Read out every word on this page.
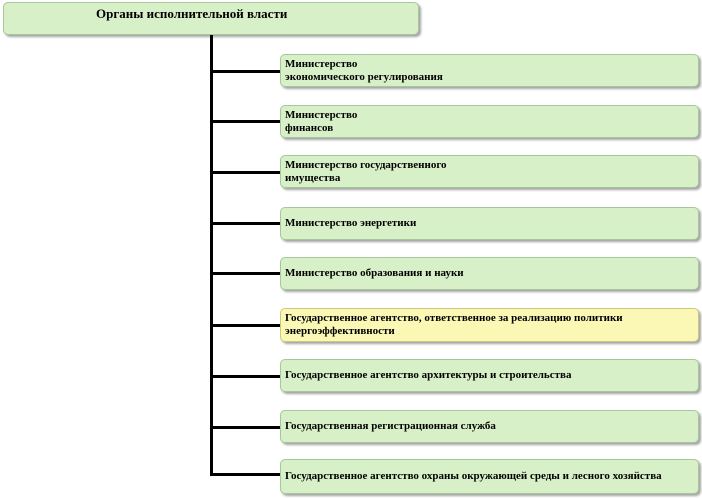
Органы исполнительной власти
Министерство
экономического регулирования
Министерство
финансов
Министерство государственного
имущества
Министерство энергетики
Министерство образования и науки
Государственное агентство, ответственное за реализацию политики энергоэффективности
Государственное агентство архитектуры и строительства
Государственная регистрационная служба
Государственное агентство охраны окружающей среды и лесного хозяйства
